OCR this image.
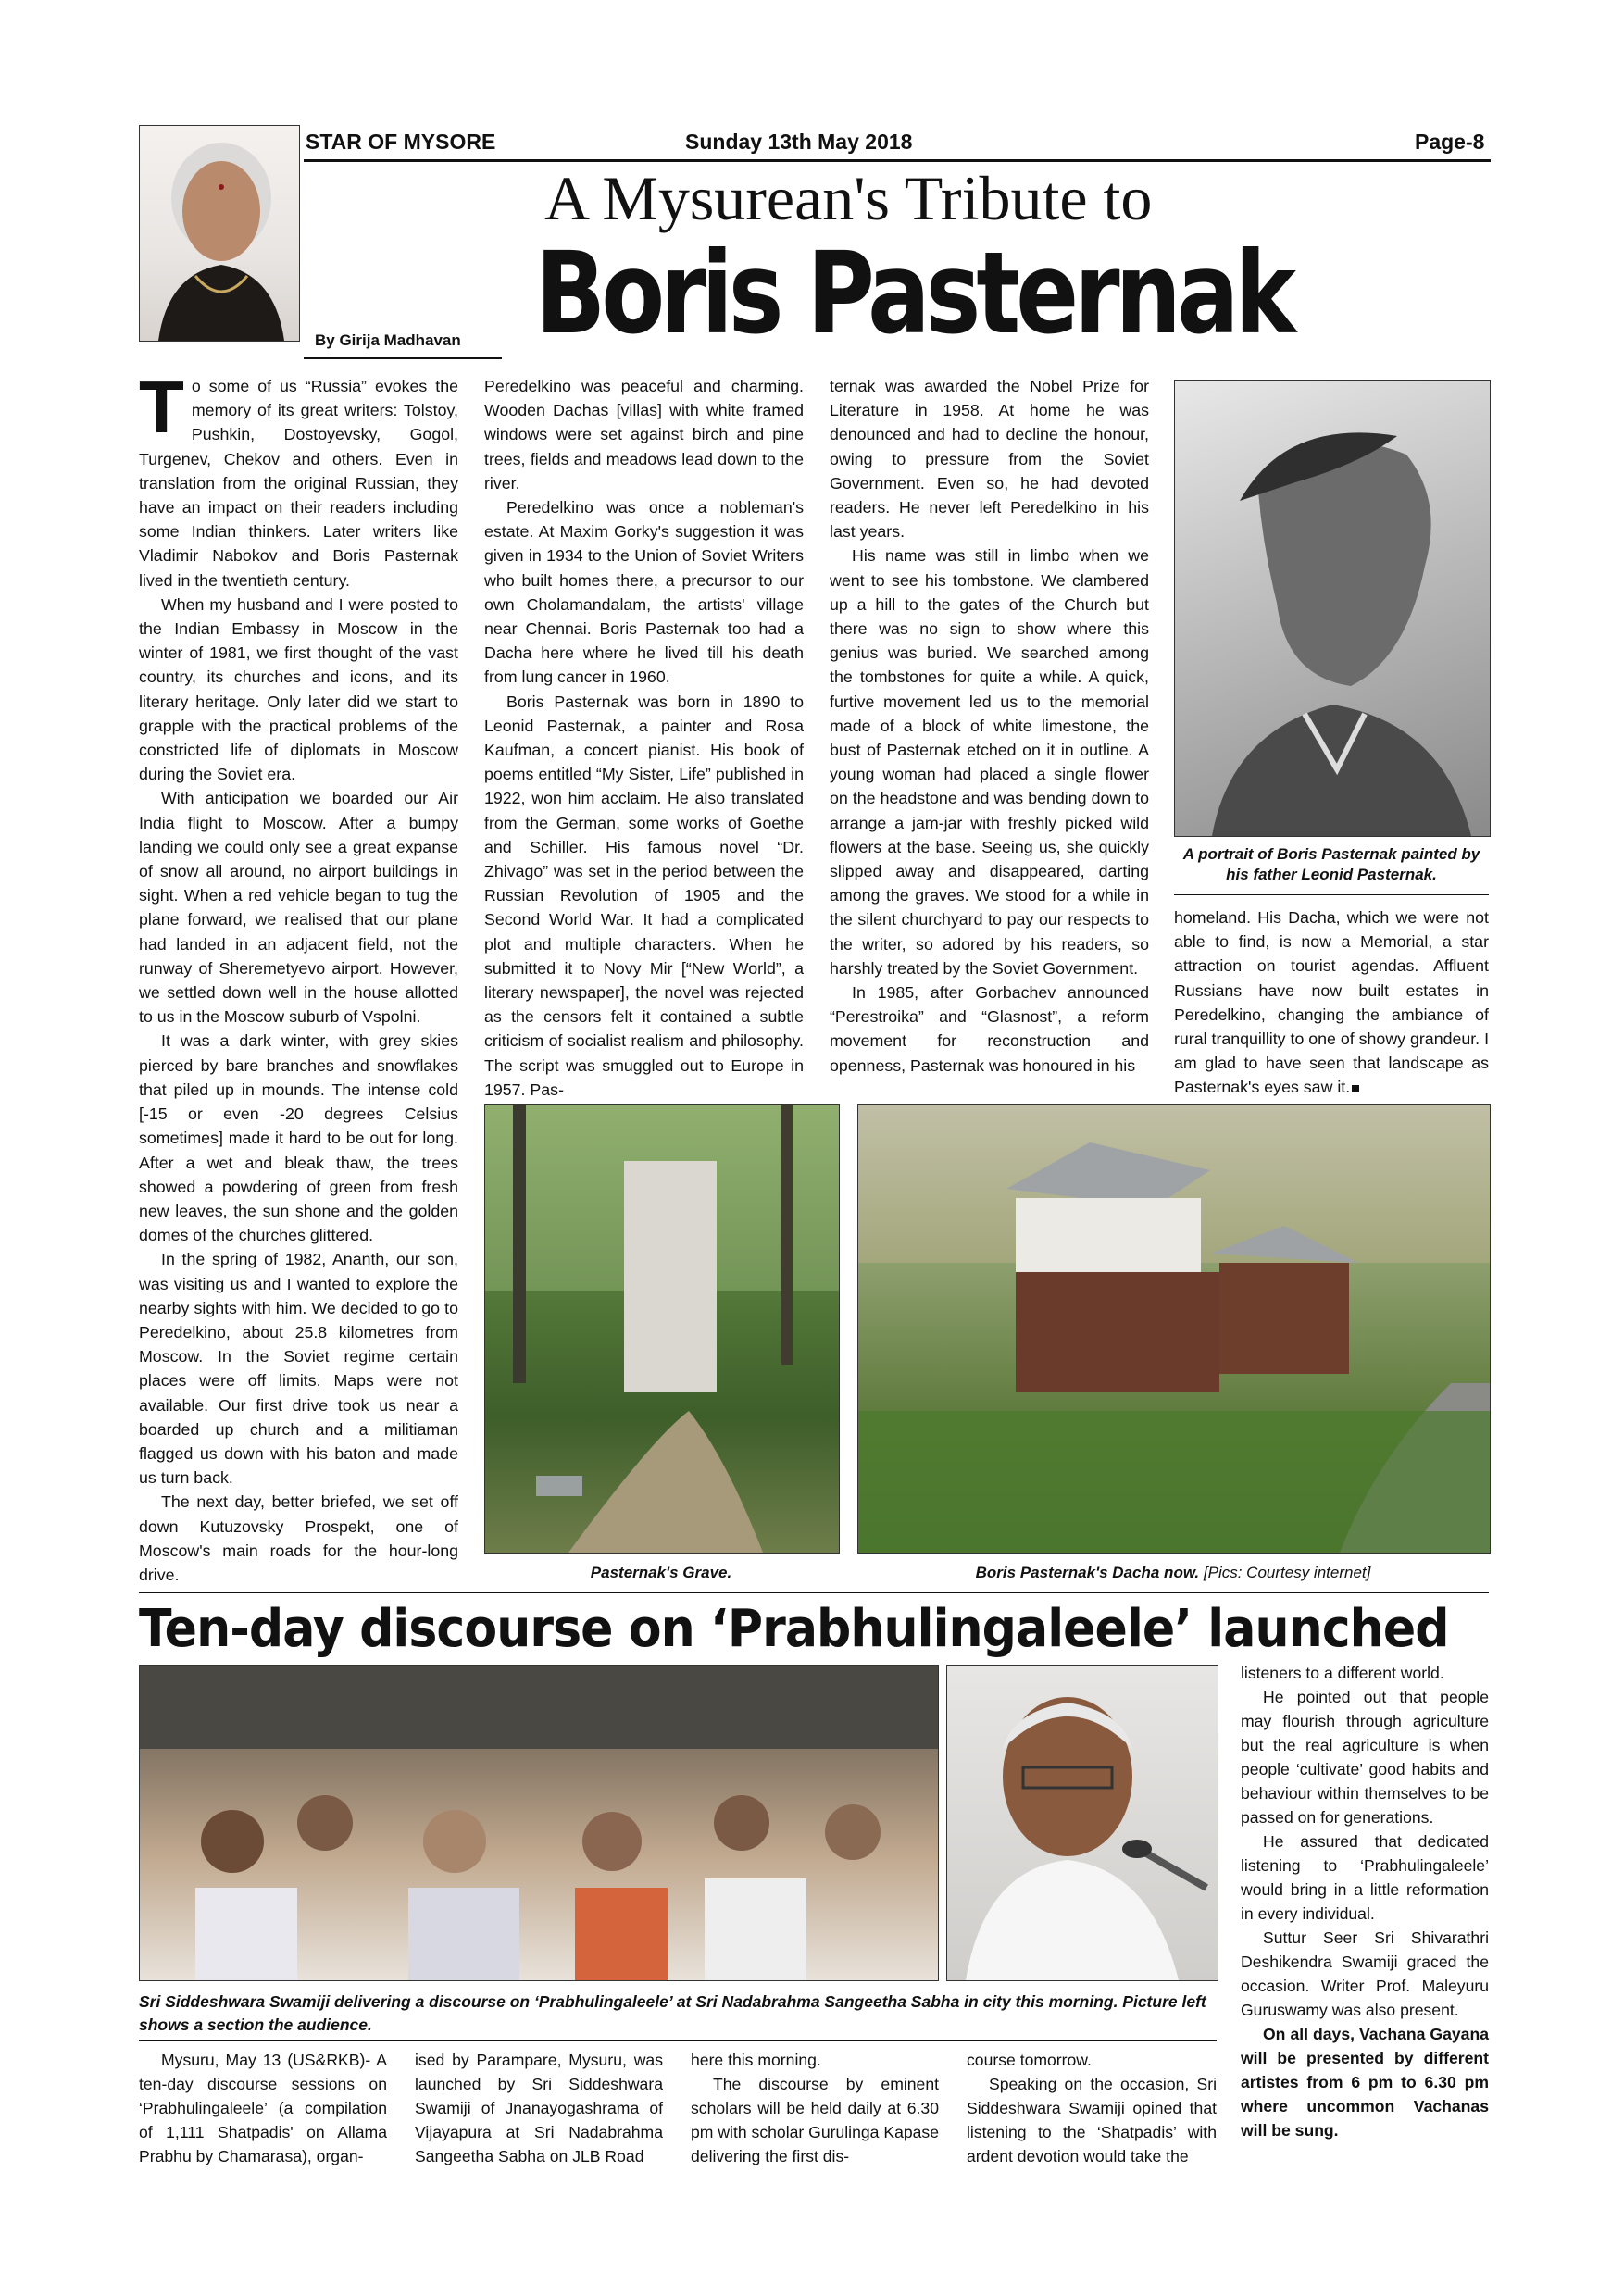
STAR OF MYSORE	Sunday 13th May 2018	Page-8
A Mysurean's Tribute to
Boris Pasternak
By Girija Madhavan

To some of us “Russia” evokes the memory of its great writers: Tolstoy, Pushkin, Dostoyevsky, Gogol, Turgenev, Chekov and others. Even in translation from the original Russian, they have an impact on their readers including some Indian thinkers. Later writers like Vladimir Nabokov and Boris Pasternak lived in the twentieth century.

When my husband and I were posted to the Indian Embassy in Moscow in the winter of 1981, we first thought of the vast country, its churches and icons, and its literary heritage. Only later did we start to grapple with the practical problems of the constricted life of diplomats in Moscow during the Soviet era.

With anticipation we boarded our Air India flight to Moscow. After a bumpy landing we could only see a great expanse of snow all around, no airport buildings in sight. When a red vehicle began to tug the plane forward, we realised that our plane had landed in an adjacent field, not the runway of Sheremetyevo airport. However, we settled down well in the house allotted to us in the Moscow suburb of Vspolni.

It was a dark winter, with grey skies pierced by bare branches and snowflakes that piled up in mounds. The intense cold [-15 or even -20 degrees Celsius sometimes] made it hard to be out for long. After a wet and bleak thaw, the trees showed a powdering of green from fresh new leaves, the sun shone and the golden domes of the churches glittered.

In the spring of 1982, Ananth, our son, was visiting us and I wanted to explore the nearby sights with him. We decided to go to Peredelkino, about 25.8 kilometres from Moscow. In the Soviet regime certain places were off limits. Maps were not available. Our first drive took us near a boarded up church and a militiaman flagged us down with his baton and made us turn back.

The next day, better briefed, we set off down Kutuzovsky Prospekt, one of Moscow's main roads for the hour-long drive.

Peredelkino was peaceful and charming. Wooden Dachas [villas] with white framed windows were set against birch and pine trees, fields and meadows lead down to the river.

Peredelkino was once a nobleman's estate. At Maxim Gorky's suggestion it was given in 1934 to the Union of Soviet Writers who built homes there, a precursor to our own Cholamandalam, the artists' village near Chennai. Boris Pasternak too had a Dacha here where he lived till his death from lung cancer in 1960.

Boris Pasternak was born in 1890 to Leonid Pasternak, a painter and Rosa Kaufman, a concert pianist. His book of poems entitled “My Sister, Life” published in 1922, won him acclaim. He also translated from the German, some works of Goethe and Schiller. His famous novel “Dr. Zhivago” was set in the period between the Russian Revolution of 1905 and the Second World War. It had a complicated plot and multiple characters. When he submitted it to Novy Mir [“New World”, a literary newspaper], the novel was rejected as the censors felt it contained a subtle criticism of socialist realism and philosophy. The script was smuggled out to Europe in 1957. Pas-

ternak was awarded the Nobel Prize for Literature in 1958. At home he was denounced and had to decline the honour, owing to pressure from the Soviet Government. Even so, he had devoted readers. He never left Peredelkino in his last years.

His name was still in limbo when we went to see his tombstone. We clambered up a hill to the gates of the Church but there was no sign to show where this genius was buried. We searched among the tombstones for quite a while. A quick, furtive movement led us to the memorial made of a block of white limestone, the bust of Pasternak etched on it in outline. A young woman had placed a single flower on the headstone and was bending down to arrange a jam-jar with freshly picked wild flowers at the base. Seeing us, she quickly slipped away and disappeared, darting among the graves. We stood for a while in the silent churchyard to pay our respects to the writer, so adored by his readers, so harshly treated by the Soviet Government.

In 1985, after Gorbachev announced “Perestroika” and “Glasnost”, a reform movement for reconstruction and openness, Pasternak was honoured in his

A portrait of Boris Pasternak painted by his father Leonid Pasternak.

homeland. His Dacha, which we were not able to find, is now a Memorial, a star attraction on tourist agendas. Affluent Russians have now built estates in Peredelkino, changing the ambiance of rural tranquillity to one of showy grandeur. I am glad to have seen that landscape as Pasternak's eyes saw it.

Pasternak's Grave.	Boris Pasternak's Dacha now. [Pics: Courtesy internet]
Ten-day discourse on ‘Prabhulingaleele’ launched
Sri Siddeshwara Swamiji delivering a discourse on ‘Prabhulingaleele’ at Sri Nadabrahma Sangeetha Sabha in city this morning. Picture left shows a section the audience.

listeners to a different world.

He pointed out that people may flourish through agriculture but the real agriculture is when people ‘cultivate’ good habits and behaviour within themselves to be passed on for generations.

He assured that dedicated listening to ‘Prabhulingaleele’ would bring in a little reformation in every individual.

Suttur Seer Sri Shivarathri Deshikendra Swamiji graced the occasion. Writer Prof. Maleyuru Guruswamy was also present.

On all days, Vachana Gayana will be presented by different artistes from 6 pm to 6.30 pm where uncommon Vachanas will be sung.

Mysuru, May 13 (US&RKB)- A ten-day discourse sessions on ‘Prabhulingaleele’ (a compilation of 1,111 Shatpadis' on Allama Prabhu by Chamarasa), organ-

ised by Parampare, Mysuru, was launched by Sri Siddeshwara Swamiji of Jnanayogashrama of Vijayapura at Sri Nadabrahma Sangeetha Sabha on JLB Road

here this morning.

The discourse by eminent scholars will be held daily at 6.30 pm with scholar Gurulinga Kapase delivering the first dis-

course tomorrow.

Speaking on the occasion, Sri Siddeshwara Swamiji opined that listening to the ‘Shatpadis’ with ardent devotion would take the
